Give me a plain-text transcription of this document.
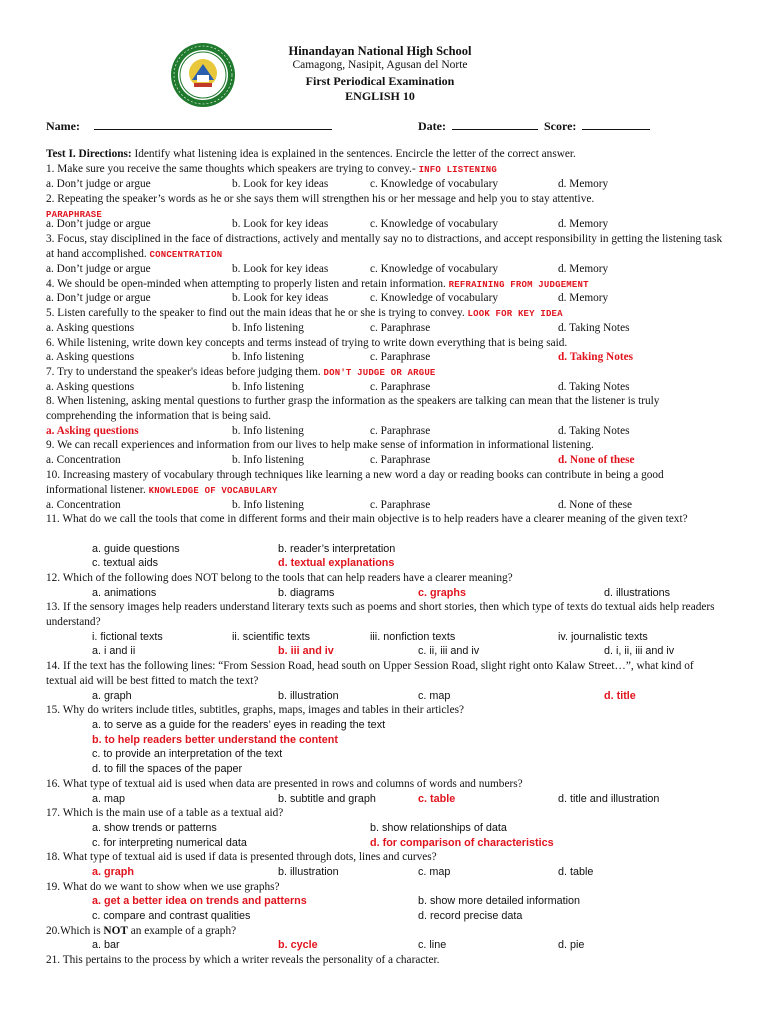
Hinandayan National High School
Camagong, Nasipit, Agusan del Norte
First Periodical Examination
ENGLISH 10
Name:	Date:	Score:
Test I. Directions: Identify what listening idea is explained in the sentences. Encircle the letter of the correct answer.
1. Make sure you receive the same thoughts which speakers are trying to convey.- INFO LISTENING
a. Don’t judge or argue	b. Look for key ideas	c. Knowledge of vocabulary	d. Memory
2. Repeating the speaker’s words as he or she says them will strengthen his or her message and help you to stay attentive.
PARAPHRASE
a. Don’t judge or argue	b. Look for key ideas	c. Knowledge of vocabulary	d. Memory
3. Focus, stay disciplined in the face of distractions, actively and mentally say no to distractions, and accept responsibility in getting the listening task at hand accomplished. CONCENTRATION
a. Don’t judge or argue	b. Look for key ideas	c. Knowledge of vocabulary	d. Memory
4. We should be open-minded when attempting to properly listen and retain information. REFRAINING FROM JUDGEMENT
a. Don’t judge or argue	b. Look for key ideas	c. Knowledge of vocabulary	d. Memory
5. Listen carefully to the speaker to find out the main ideas that he or she is trying to convey. LOOK FOR KEY IDEA
a. Asking questions	b. Info listening	c. Paraphrase	d. Taking Notes
6. While listening, write down key concepts and terms instead of trying to write down everything that is being said.
a. Asking questions	b. Info listening	c. Paraphrase	d. Taking Notes
7. Try to understand the speaker's ideas before judging them. DON'T JUDGE OR ARGUE
a. Asking questions	b. Info listening	c. Paraphrase	d. Taking Notes
8. When listening, asking mental questions to further grasp the information as the speakers are talking can mean that the listener is truly comprehending the information that is being said.
a. Asking questions	b. Info listening	c. Paraphrase	d. Taking Notes
9. We can recall experiences and information from our lives to help make sense of information in informational listening.
a. Concentration	b. Info listening	c. Paraphrase	d. None of these
10. Increasing mastery of vocabulary through techniques like learning a new word a day or reading books can contribute in being a good informational listener. KNOWLEDGE OF VOCABULARY
a. Concentration	b. Info listening	c. Paraphrase	d. None of these
11. What do we call the tools that come in different forms and their main objective is to help readers have a clearer meaning of the given text?
a. guide questions	b. reader’s interpretation
c. textual aids	d. textual explanations
12. Which of the following does NOT belong to the tools that can help readers have a clearer meaning?
a. animations	b. diagrams	c. graphs	d. illustrations
13. If the sensory images help readers understand literary texts such as poems and short stories, then which type of texts do textual aids help readers understand?
i. fictional texts	ii. scientific texts	iii. nonfiction texts	iv. journalistic texts
a. i and ii	b. iii and iv	c. ii, iii and iv	d. i, ii, iii and iv
14. If the text has the following lines: “From Session Road, head south on Upper Session Road, slight right onto Kalaw Street…”, what kind of textual aid will be best fitted to match the text?
a. graph	b. illustration	c. map	d. title
15. Why do writers include titles, subtitles, graphs, maps, images and tables in their articles?
a. to serve as a guide for the readers’ eyes in reading the text
b. to help readers better understand the content
c. to provide an interpretation of the text
d. to fill the spaces of the paper
16. What type of textual aid is used when data are presented in rows and columns of words and numbers?
a. map	b. subtitle and graph	c. table	d. title and illustration
17. Which is the main use of a table as a textual aid?
a. show trends or patterns	b. show relationships of data
c. for interpreting numerical data	d. for comparison of characteristics
18. What type of textual aid is used if data is presented through dots, lines and curves?
a. graph	b. illustration	c. map	d. table
19. What do we want to show when we use graphs?
a. get a better idea on trends and patterns	b. show more detailed information
c. compare and contrast qualities	d. record precise data
20.Which is NOT an example of a graph?
a. bar	b. cycle	c. line	d. pie
21. This pertains to the process by which a writer reveals the personality of a character.
